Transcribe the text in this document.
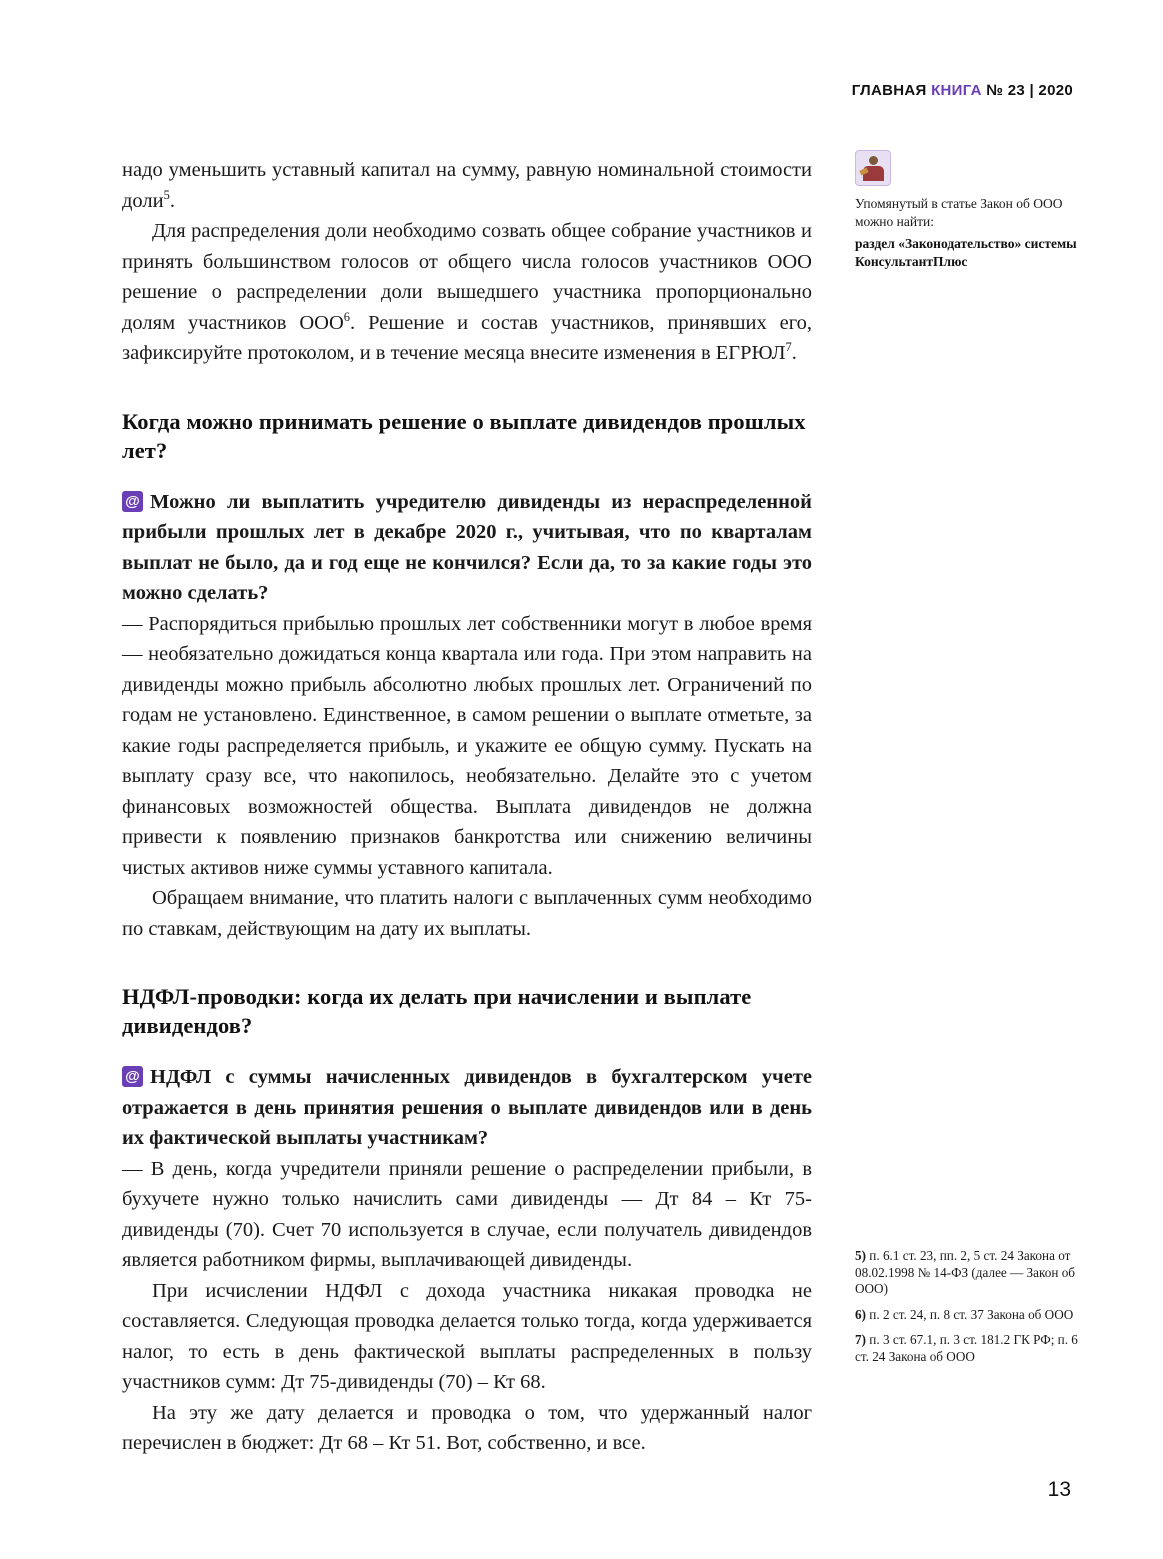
ГЛАВНАЯ КНИГА № 23 | 2020

надо уменьшить уставный капитал на сумму, равную номинальной стоимости доли$^5$.

Для распределения доли необходимо созвать общее собрание участников и принять большинством голосов от общего числа голосов участников ООО решение о распределении доли вышедшего участника пропорционально долям участников ООО$^6$. Решение и состав участников, принявших его, зафиксируйте протоколом, и в течение месяца внесите изменения в ЕГРЮЛ$^7$.

Когда можно принимать решение о выплате дивидендов прошлых лет?

@ Можно ли выплатить учредителю дивиденды из нераспределенной прибыли прошлых лет в декабре 2020 г., учитывая, что по кварталам выплат не было, да и год еще не кончился? Если да, то за какие годы это можно сделать?

— Распорядиться прибылью прошлых лет собственники могут в любое время — необязательно дожидаться конца квартала или года. При этом направить на дивиденды можно прибыль абсолютно любых прошлых лет. Ограничений по годам не установлено. Единственное, в самом решении о выплате отметьте, за какие годы распределяется прибыль, и укажите ее общую сумму. Пускать на выплату сразу все, что накопилось, необязательно. Делайте это с учетом финансовых возможностей общества. Выплата дивидендов не должна привести к появлению признаков банкротства или снижению величины чистых активов ниже суммы уставного капитала.

Обращаем внимание, что платить налоги с выплаченных сумм необходимо по ставкам, действующим на дату их выплаты.

НДФЛ-проводки: когда их делать при начислении и выплате дивидендов?

@ НДФЛ с суммы начисленных дивидендов в бухгалтерском учете отражается в день принятия решения о выплате дивидендов или в день их фактической выплаты участникам?

— В день, когда учредители приняли решение о распределении прибыли, в бухучете нужно только начислить сами дивиденды — Дт 84 – Кт 75-дивиденды (70). Счет 70 используется в случае, если получатель дивидендов является работником фирмы, выплачивающей дивиденды.

При исчислении НДФЛ с дохода участника никакая проводка не составляется. Следующая проводка делается только тогда, когда удерживается налог, то есть в день фактической выплаты распределенных в пользу участников сумм: Дт 75-дивиденды (70) – Кт 68.

На эту же дату делается и проводка о том, что удержанный налог перечислен в бюджет: Дт 68 – Кт 51. Вот, собственно, и все.

Упомянутый в статье Закон об ООО можно найти:
раздел «Законодательство» системы КонсультантПлюс
5) п. 6.1 ст. 23, пп. 2, 5 ст. 24 Закона от 08.02.1998 № 14-ФЗ (далее — Закон об ООО)
6) п. 2 ст. 24, п. 8 ст. 37 Закона об ООО
7) п. 3 ст. 67.1, п. 3 ст. 181.2 ГК РФ; п. 6 ст. 24 Закона об ООО
13
